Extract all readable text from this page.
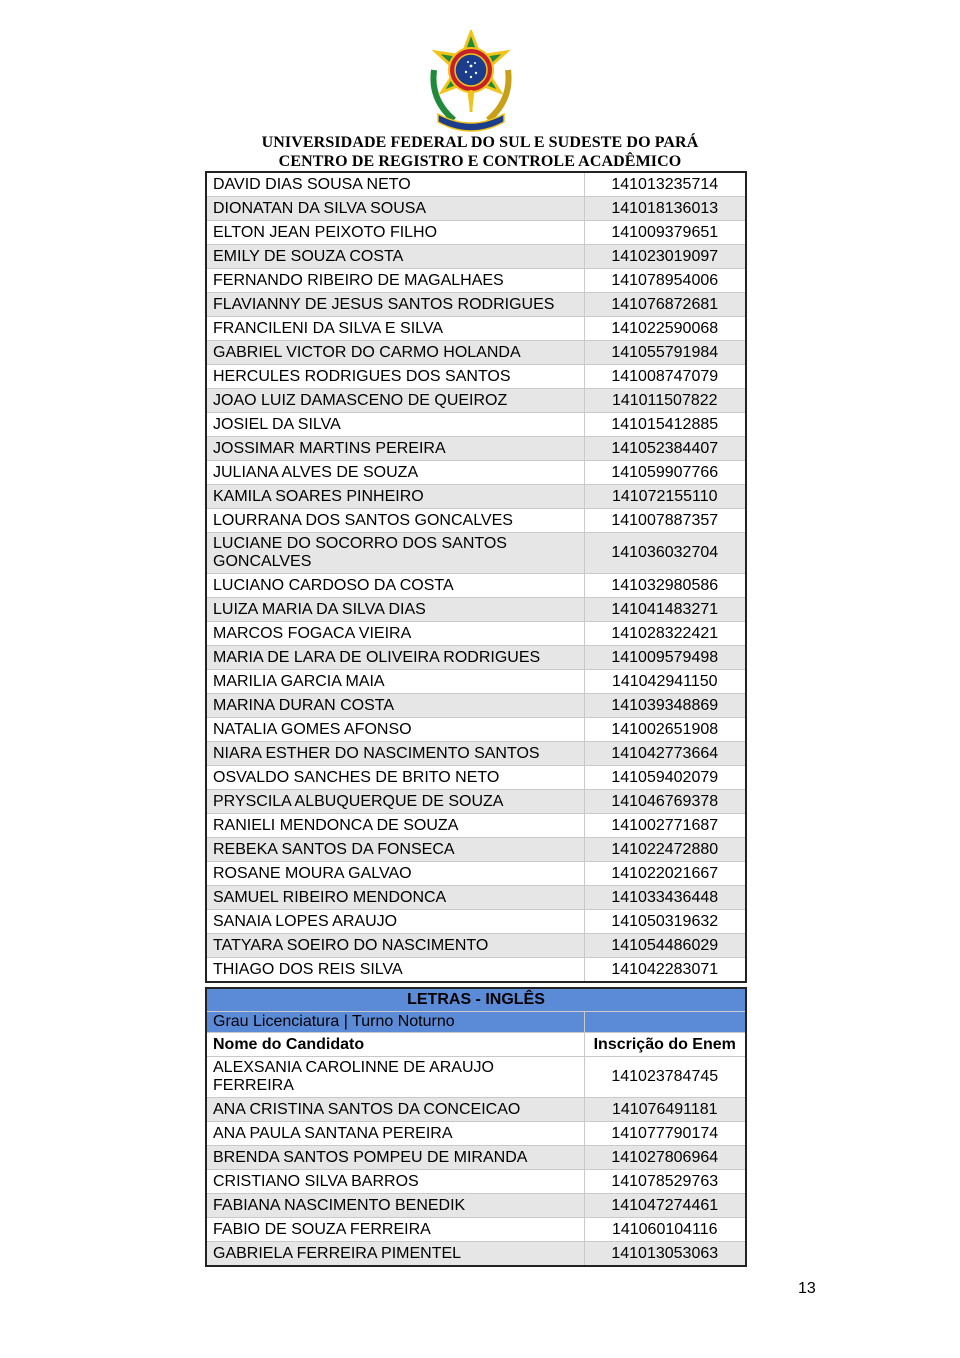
UNIVERSIDADE FEDERAL DO SUL E SUDESTE DO PARÁ
CENTRO DE REGISTRO E CONTROLE ACADÊMICO
DAVID DIAS SOUSA NETO	141013235714
DIONATAN DA SILVA SOUSA	141018136013
ELTON JEAN PEIXOTO FILHO	141009379651
EMILY DE SOUZA COSTA	141023019097
FERNANDO RIBEIRO DE MAGALHAES	141078954006
FLAVIANNY DE JESUS SANTOS RODRIGUES	141076872681
FRANCILENI DA SILVA E SILVA	141022590068
GABRIEL VICTOR DO CARMO HOLANDA	141055791984
HERCULES RODRIGUES DOS SANTOS	141008747079
JOAO LUIZ DAMASCENO DE QUEIROZ	141011507822
JOSIEL DA SILVA	141015412885
JOSSIMAR MARTINS PEREIRA	141052384407
JULIANA ALVES DE SOUZA	141059907766
KAMILA SOARES PINHEIRO	141072155110
LOURRANA DOS SANTOS GONCALVES	141007887357
LUCIANE DO SOCORRO DOS SANTOS GONCALVES	141036032704
LUCIANO CARDOSO DA COSTA	141032980586
LUIZA MARIA DA SILVA DIAS	141041483271
MARCOS FOGACA VIEIRA	141028322421
MARIA DE LARA DE OLIVEIRA RODRIGUES	141009579498
MARILIA GARCIA MAIA	141042941150
MARINA DURAN COSTA	141039348869
NATALIA GOMES AFONSO	141002651908
NIARA ESTHER DO NASCIMENTO SANTOS	141042773664
OSVALDO SANCHES DE BRITO NETO	141059402079
PRYSCILA ALBUQUERQUE DE SOUZA	141046769378
RANIELI MENDONCA DE SOUZA	141002771687
REBEKA SANTOS DA FONSECA	141022472880
ROSANE MOURA GALVAO	141022021667
SAMUEL RIBEIRO MENDONCA	141033436448
SANAIA LOPES ARAUJO	141050319632
TATYARA SOEIRO DO NASCIMENTO	141054486029
THIAGO DOS REIS SILVA	141042283071
LETRAS - INGLÊS	
Grau Licenciatura | Turno Noturno	
Nome do Candidato	Inscrição do Enem
ALEXSANIA CAROLINNE DE ARAUJO FERREIRA	141023784745
ANA CRISTINA SANTOS DA CONCEICAO	141076491181
ANA PAULA SANTANA PEREIRA	141077790174
BRENDA SANTOS POMPEU DE MIRANDA	141027806964
CRISTIANO SILVA BARROS	141078529763
FABIANA NASCIMENTO BENEDIK	141047274461
FABIO DE SOUZA FERREIRA	141060104116
GABRIELA FERREIRA PIMENTEL	141013053063
13
